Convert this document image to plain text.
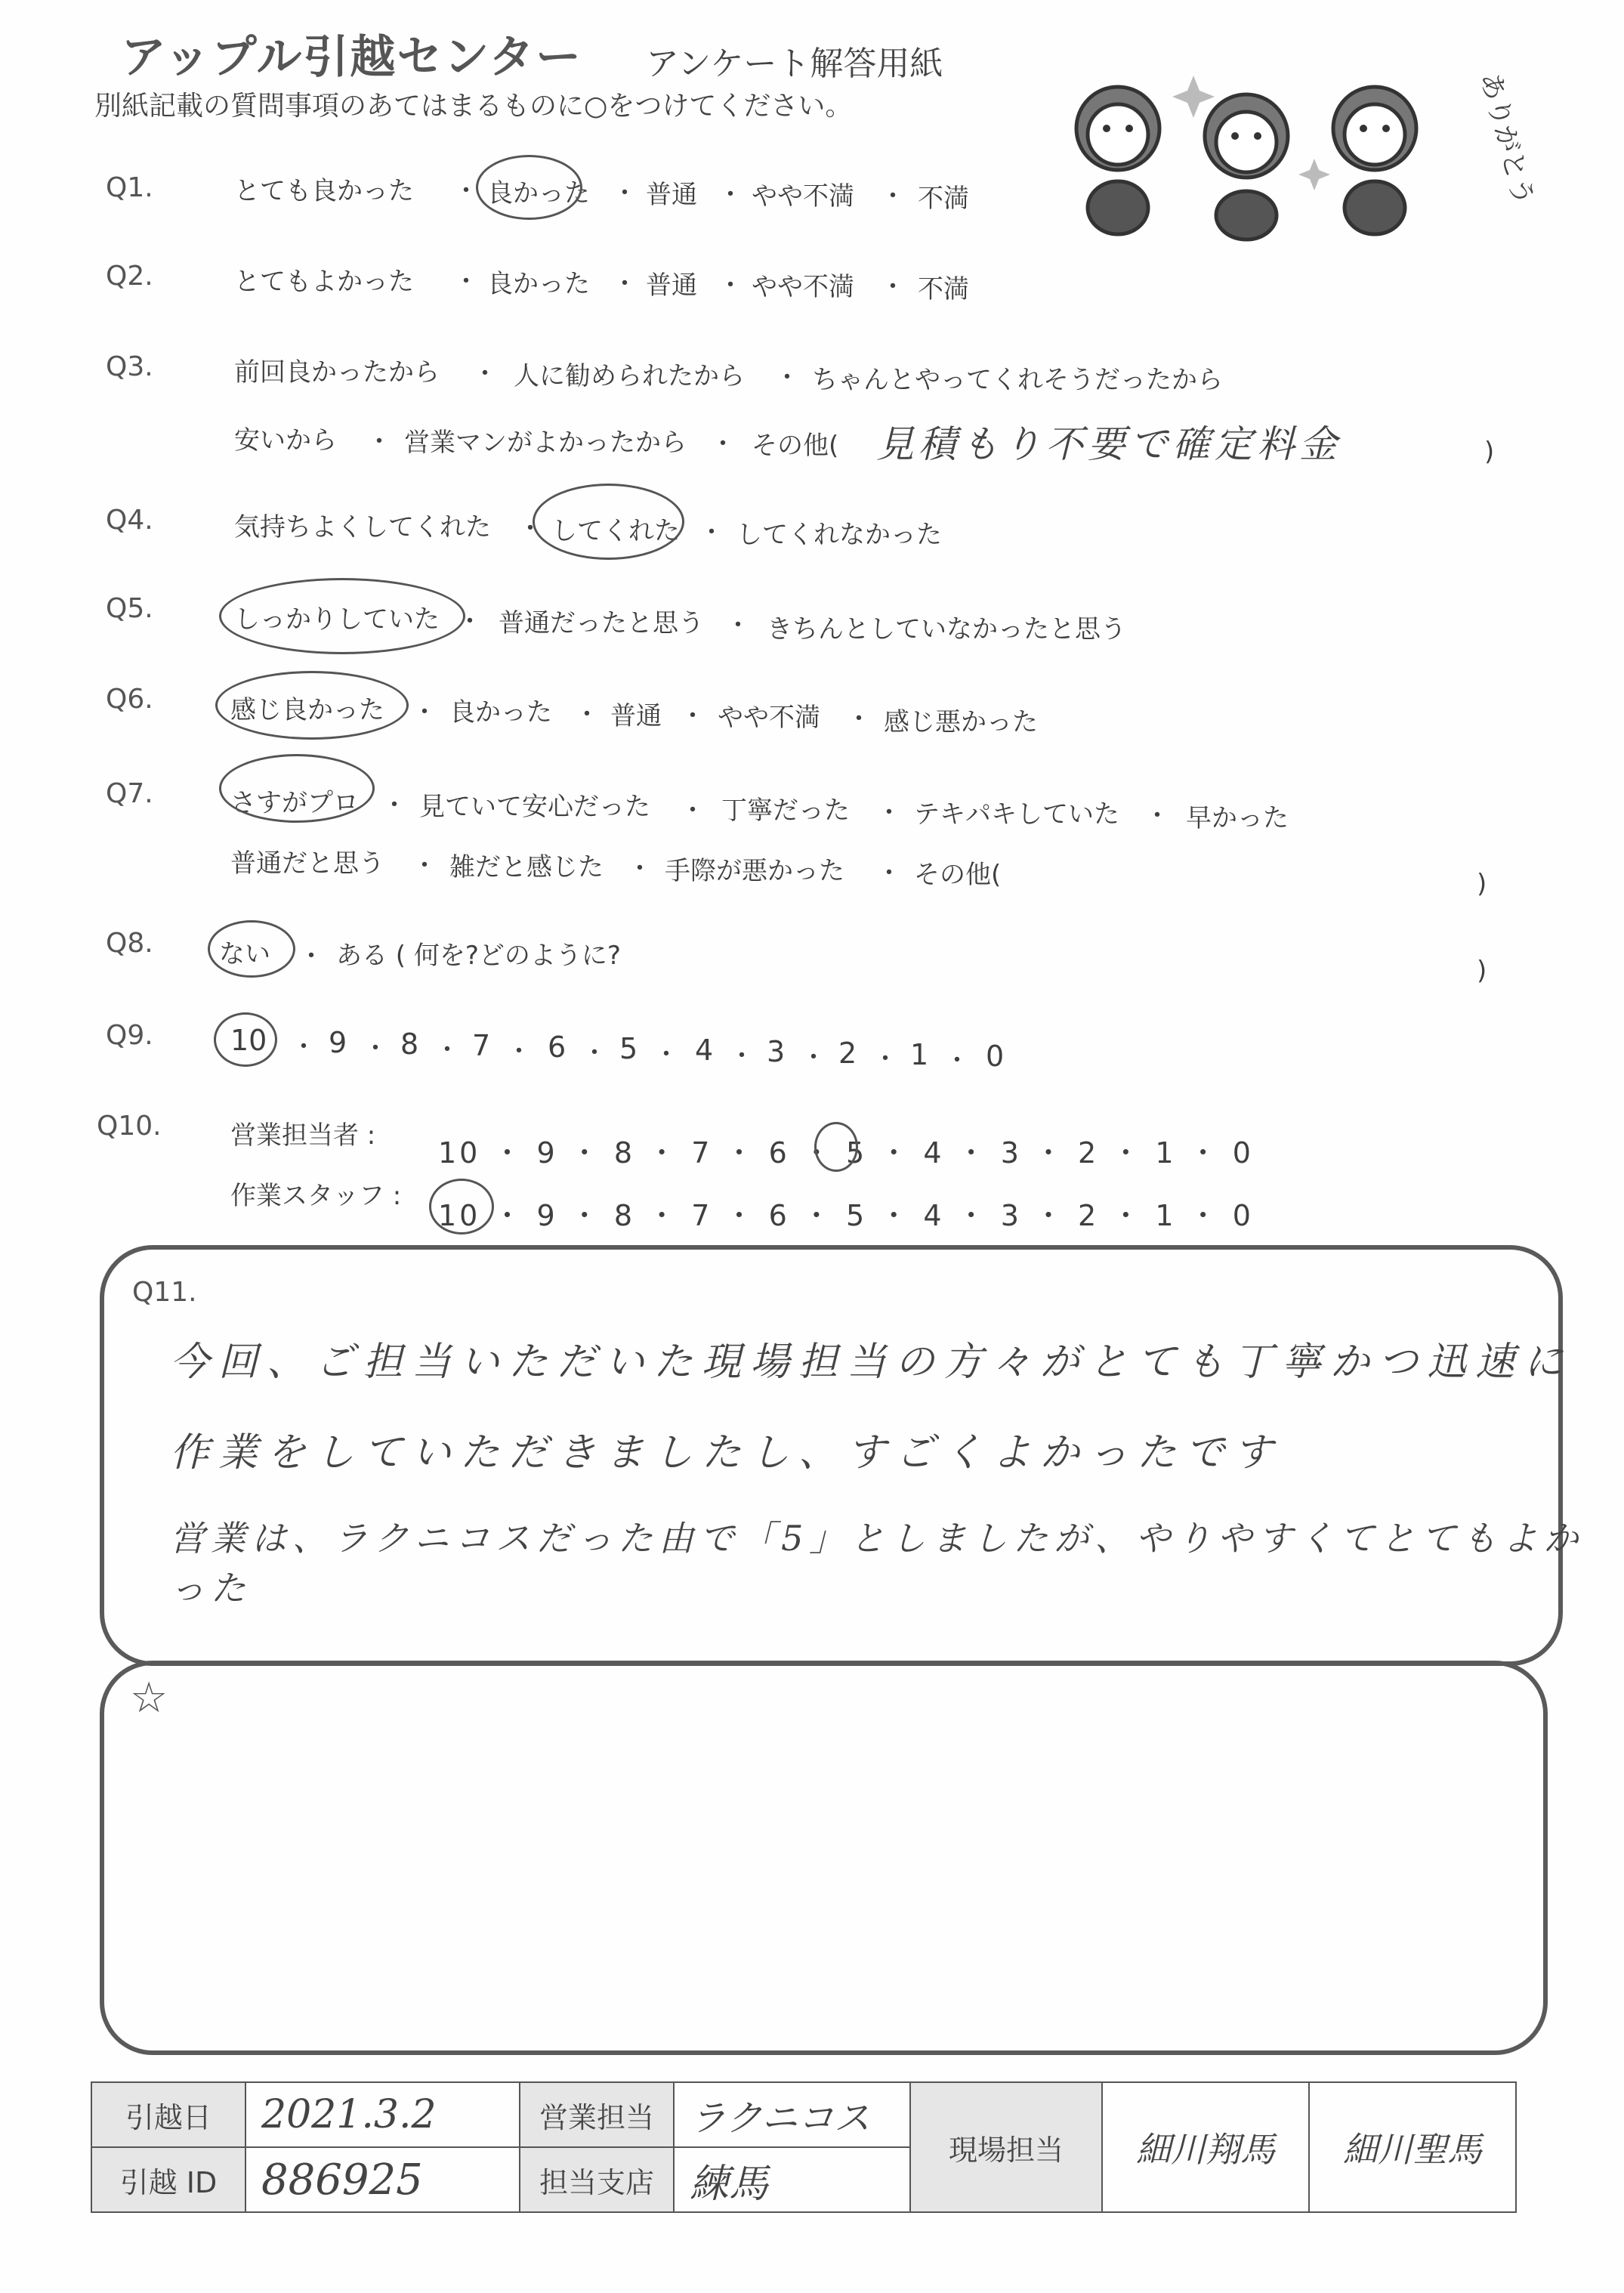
アップル引越センター アンケート解答用紙
別紙記載の質問事項のあてはまるものに○をつけてください。	ありがとう
Q1.	とても良かった ・ 良かった ・ 普通 ・ やや不満 ・ 不満
Q2.	とてもよかった ・ 良かった ・ 普通 ・ やや不満 ・ 不満
Q3.	前回良かったから ・ 人に勧められたから ・ ちゃんとやってくれそうだったから
安いから ・ 営業マンがよかったから ・ その他( 見積もり不要で確定料金	)
Q4.	気持ちよくしてくれた ・ してくれた ・ してくれなかった
Q5.	しっかりしていた ・ 普通だったと思う ・ きちんとしていなかったと思う
Q6.	感じ良かった ・ 良かった ・ 普通 ・ やや不満 ・ 感じ悪かった
Q7.	さすがプロ ・ 見ていて安心だった ・ 丁寧だった ・ テキパキしていた ・ 早かった
普通だと思う ・ 雑だと感じた ・ 手際が悪かった ・ その他(	)
Q8.	ない ・ ある ( 何を?どのように?	)
Q9.	10 ・ 9 ・ 8 ・ 7 ・ 6 ・ 5 ・ 4 ・ 3 ・ 2 ・ 1 ・ 0
Q10.	営業担当者 :
10 ・ 9 ・ 8 ・ 7 ・ 6 ・ 5 ・ 4 ・ 3 ・ 2 ・ 1 ・ 0
作業スタッフ :
10 ・ 9 ・ 8 ・ 7 ・ 6 ・ 5 ・ 4 ・ 3 ・ 2 ・ 1 ・ 0
Q11.
今回、ご担当いただいた現場担当の方々がとても丁寧かつ迅速に
作業をしていただきましたし、すごくよかったです
営業は、ラクニコスだった由で「5」としましたが、やりやすくてとてもよかった
☆
引越日	2021.3.2	営業担当	ラクニコス	現場担当	細川翔馬	細川聖馬
引越 ID	886925	担当支店	練馬			
